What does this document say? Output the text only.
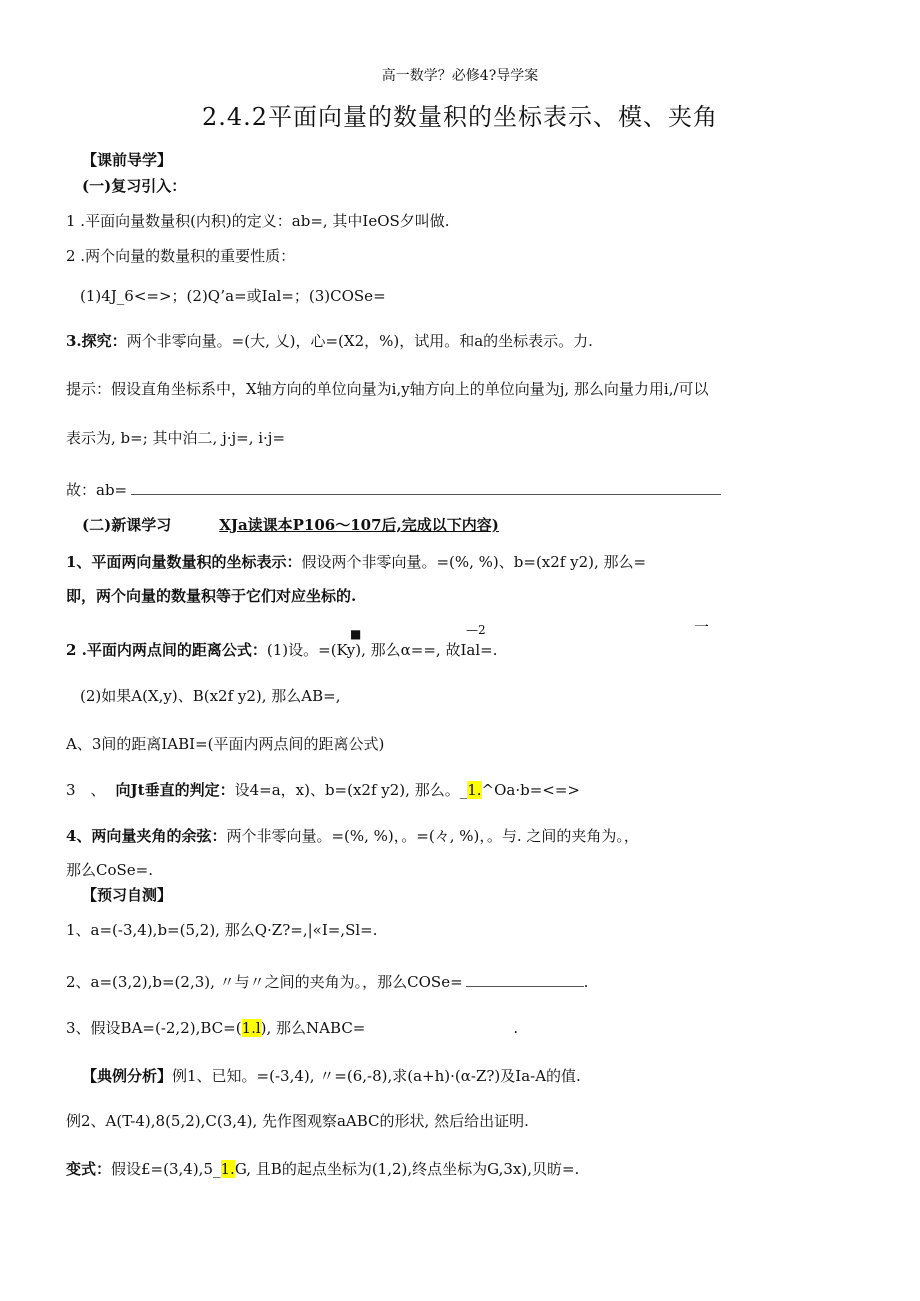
高一数学？必修4?导学案
2.4.2平面向量的数量积的坐标表示、模、夹角
【课前导学】
(一)复习引入：
1 .平面向量数量积(内积)的定义：ab=, 其中IeOS夕叫做.
2 .两个向量的数量积的重要性质：
(1)4J_6<=>；(2)Q’a=或Ial=；(3)COSe=
3.探究：两个非零向量。=(大, 乂)，心=(X2，%)，试用。和a的坐标表示。力.
提示：假设直角坐标系中，X轴方向的单位向量为i,y轴方向上的单位向量为j, 那么向量力用i,/可以
表示为, b=; 其中泊二, j·j=, i·j=
故：ab=
(二)新课学习	XJa读课本P106～107后,完成以下内容)
1、平面两向量数量积的坐标表示：假设两个非零向量。=(%, %)、b=(x2f y2), 那么=
即，两个向量的数量积等于它们对应坐标的.
■	—2	一
2 .平面内两点间的距离公式：(1)设。=(Ky), 那么α==, 故Ial=.
(2)如果A(X,y)、B(x2f y2), 那么AB=,
A、3间的距离IABI=(平面内两点间的距离公式)
3　、 向Jt垂直的判定：设4=a，x)、b=(x2f y2), 那么。_1.^Oa·b=<=>
4、两向量夹角的余弦：两个非零向量。=(%, %)，。=(々, %)，。与. 之间的夹角为。，
那么CoSe=.
【预习自测】
1、a=(-3,4),b=(5,2), 那么Q·Z?=,|«I=,Sl=.
2、a=(3,2),b=(2,3), 〃与〃之间的夹角为。，那么COSe=	.
3、假设BA=(-2,2),BC=(1.l), 那么NABC=	.
【典例分析】例1、已知。=(-3,4), 〃=(6,-8),求(a+h)·(α-Z?)及Ia-A的值.
例2、A(T-4),8(5,2),C(3,4), 先作图观察aABC的形状, 然后给出证明.
变式：假设£=(3,4),5_1.G, 且B的起点坐标为(1,2),终点坐标为G,3x),贝昉=.
